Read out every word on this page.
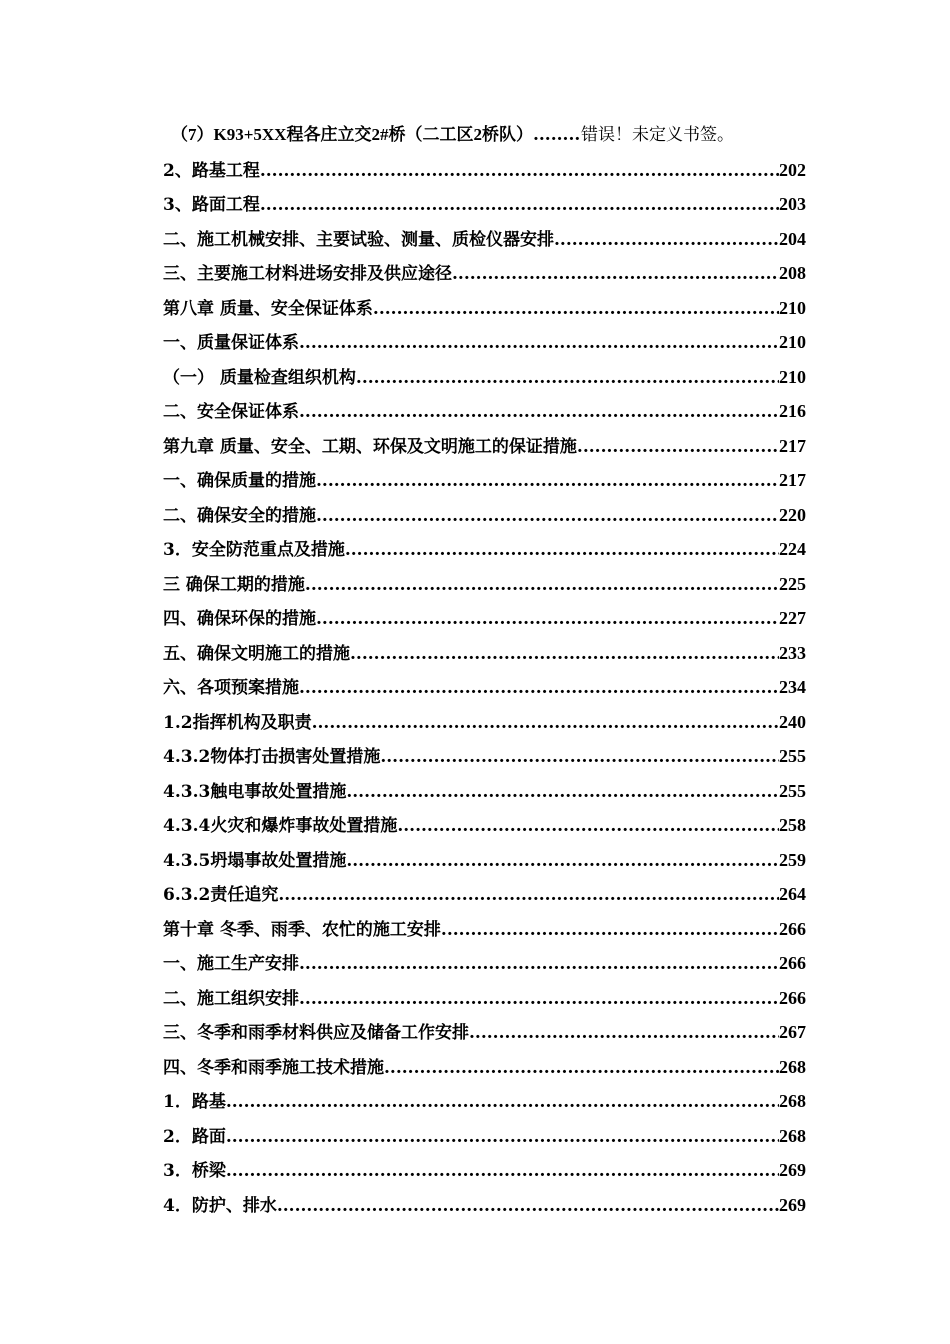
（7）K93+5XX程各庄立交2#桥（二工区2桥队） .....	错误！未定义书签。
2、路基工程 .....	202
3、路面工程 .....	203
二、施工机械安排、主要试验、测量、质检仪器安排 .....	204
三、主要施工材料进场安排及供应途径 .....	208
第八章 质量、安全保证体系 .....	210
一、质量保证体系 .....	210
（一） 质量检查组织机构 .....	210
二、安全保证体系 .....	216
第九章 质量、安全、工期、环保及文明施工的保证措施 .....	217
一、确保质量的措施 .....	217
二、确保安全的措施 .....	220
3．安全防范重点及措施 .....	224
三 确保工期的措施 .....	225
四、确保环保的措施 .....	227
五、确保文明施工的措施 .....	233
六、各项预案措施 .....	234
1.2指挥机构及职责 .....	240
4.3.2物体打击损害处置措施 .....	255
4.3.3触电事故处置措施 .....	255
4.3.4火灾和爆炸事故处置措施 .....	258
4.3.5坍塌事故处置措施 .....	259
6.3.2责任追究 .....	264
第十章 冬季、雨季、农忙的施工安排 .....	266
一、施工生产安排 .....	266
二、施工组织安排 .....	266
三、冬季和雨季材料供应及储备工作安排 .....	267
四、冬季和雨季施工技术措施 .....	268
1．路基 .....	268
2．路面 .....	268
3．桥梁 .....	269
4．防护、排水 .....	269
